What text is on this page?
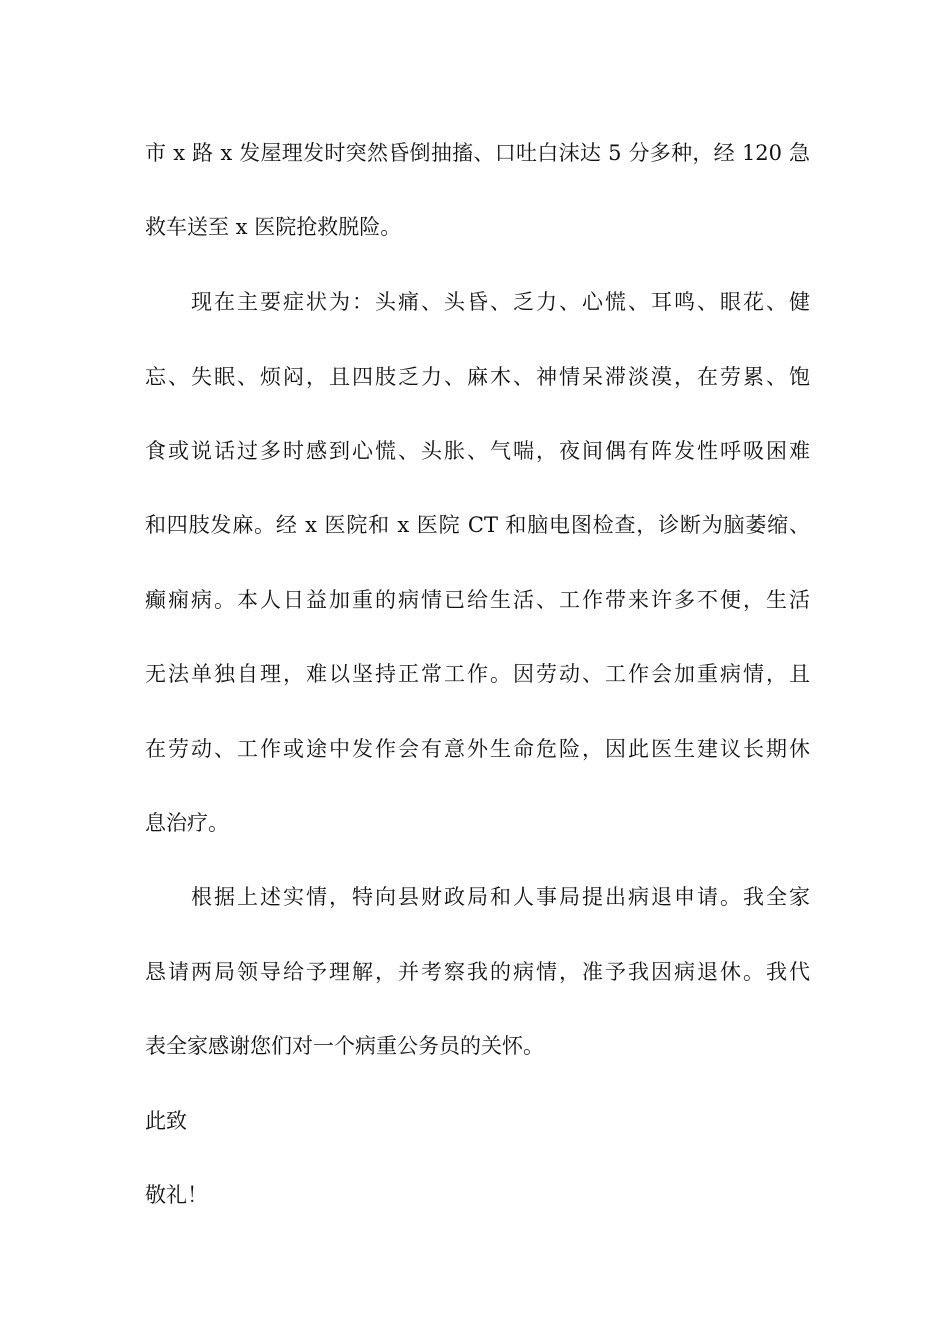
市 x 路 x 发屋理发时突然昏倒抽搐、口吐白沫达 5 分多种，经 120 急
救车送至 x 医院抢救脱险。
现在主要症状为：头痛、头昏、乏力、心慌、耳鸣、眼花、健
忘、失眠、烦闷，且四肢乏力、麻木、神情呆滞淡漠，在劳累、饱
食或说话过多时感到心慌、头胀、气喘，夜间偶有阵发性呼吸困难
和四肢发麻。经 x 医院和 x 医院 CT 和脑电图检查，诊断为脑萎缩、
癫痫病。本人日益加重的病情已给生活、工作带来许多不便，生活
无法单独自理，难以坚持正常工作。因劳动、工作会加重病情，且
在劳动、工作或途中发作会有意外生命危险，因此医生建议长期休
息治疗。
根据上述实情，特向县财政局和人事局提出病退申请。我全家
恳请两局领导给予理解，并考察我的病情，准予我因病退休。我代
表全家感谢您们对一个病重公务员的关怀。
此致
敬礼！
